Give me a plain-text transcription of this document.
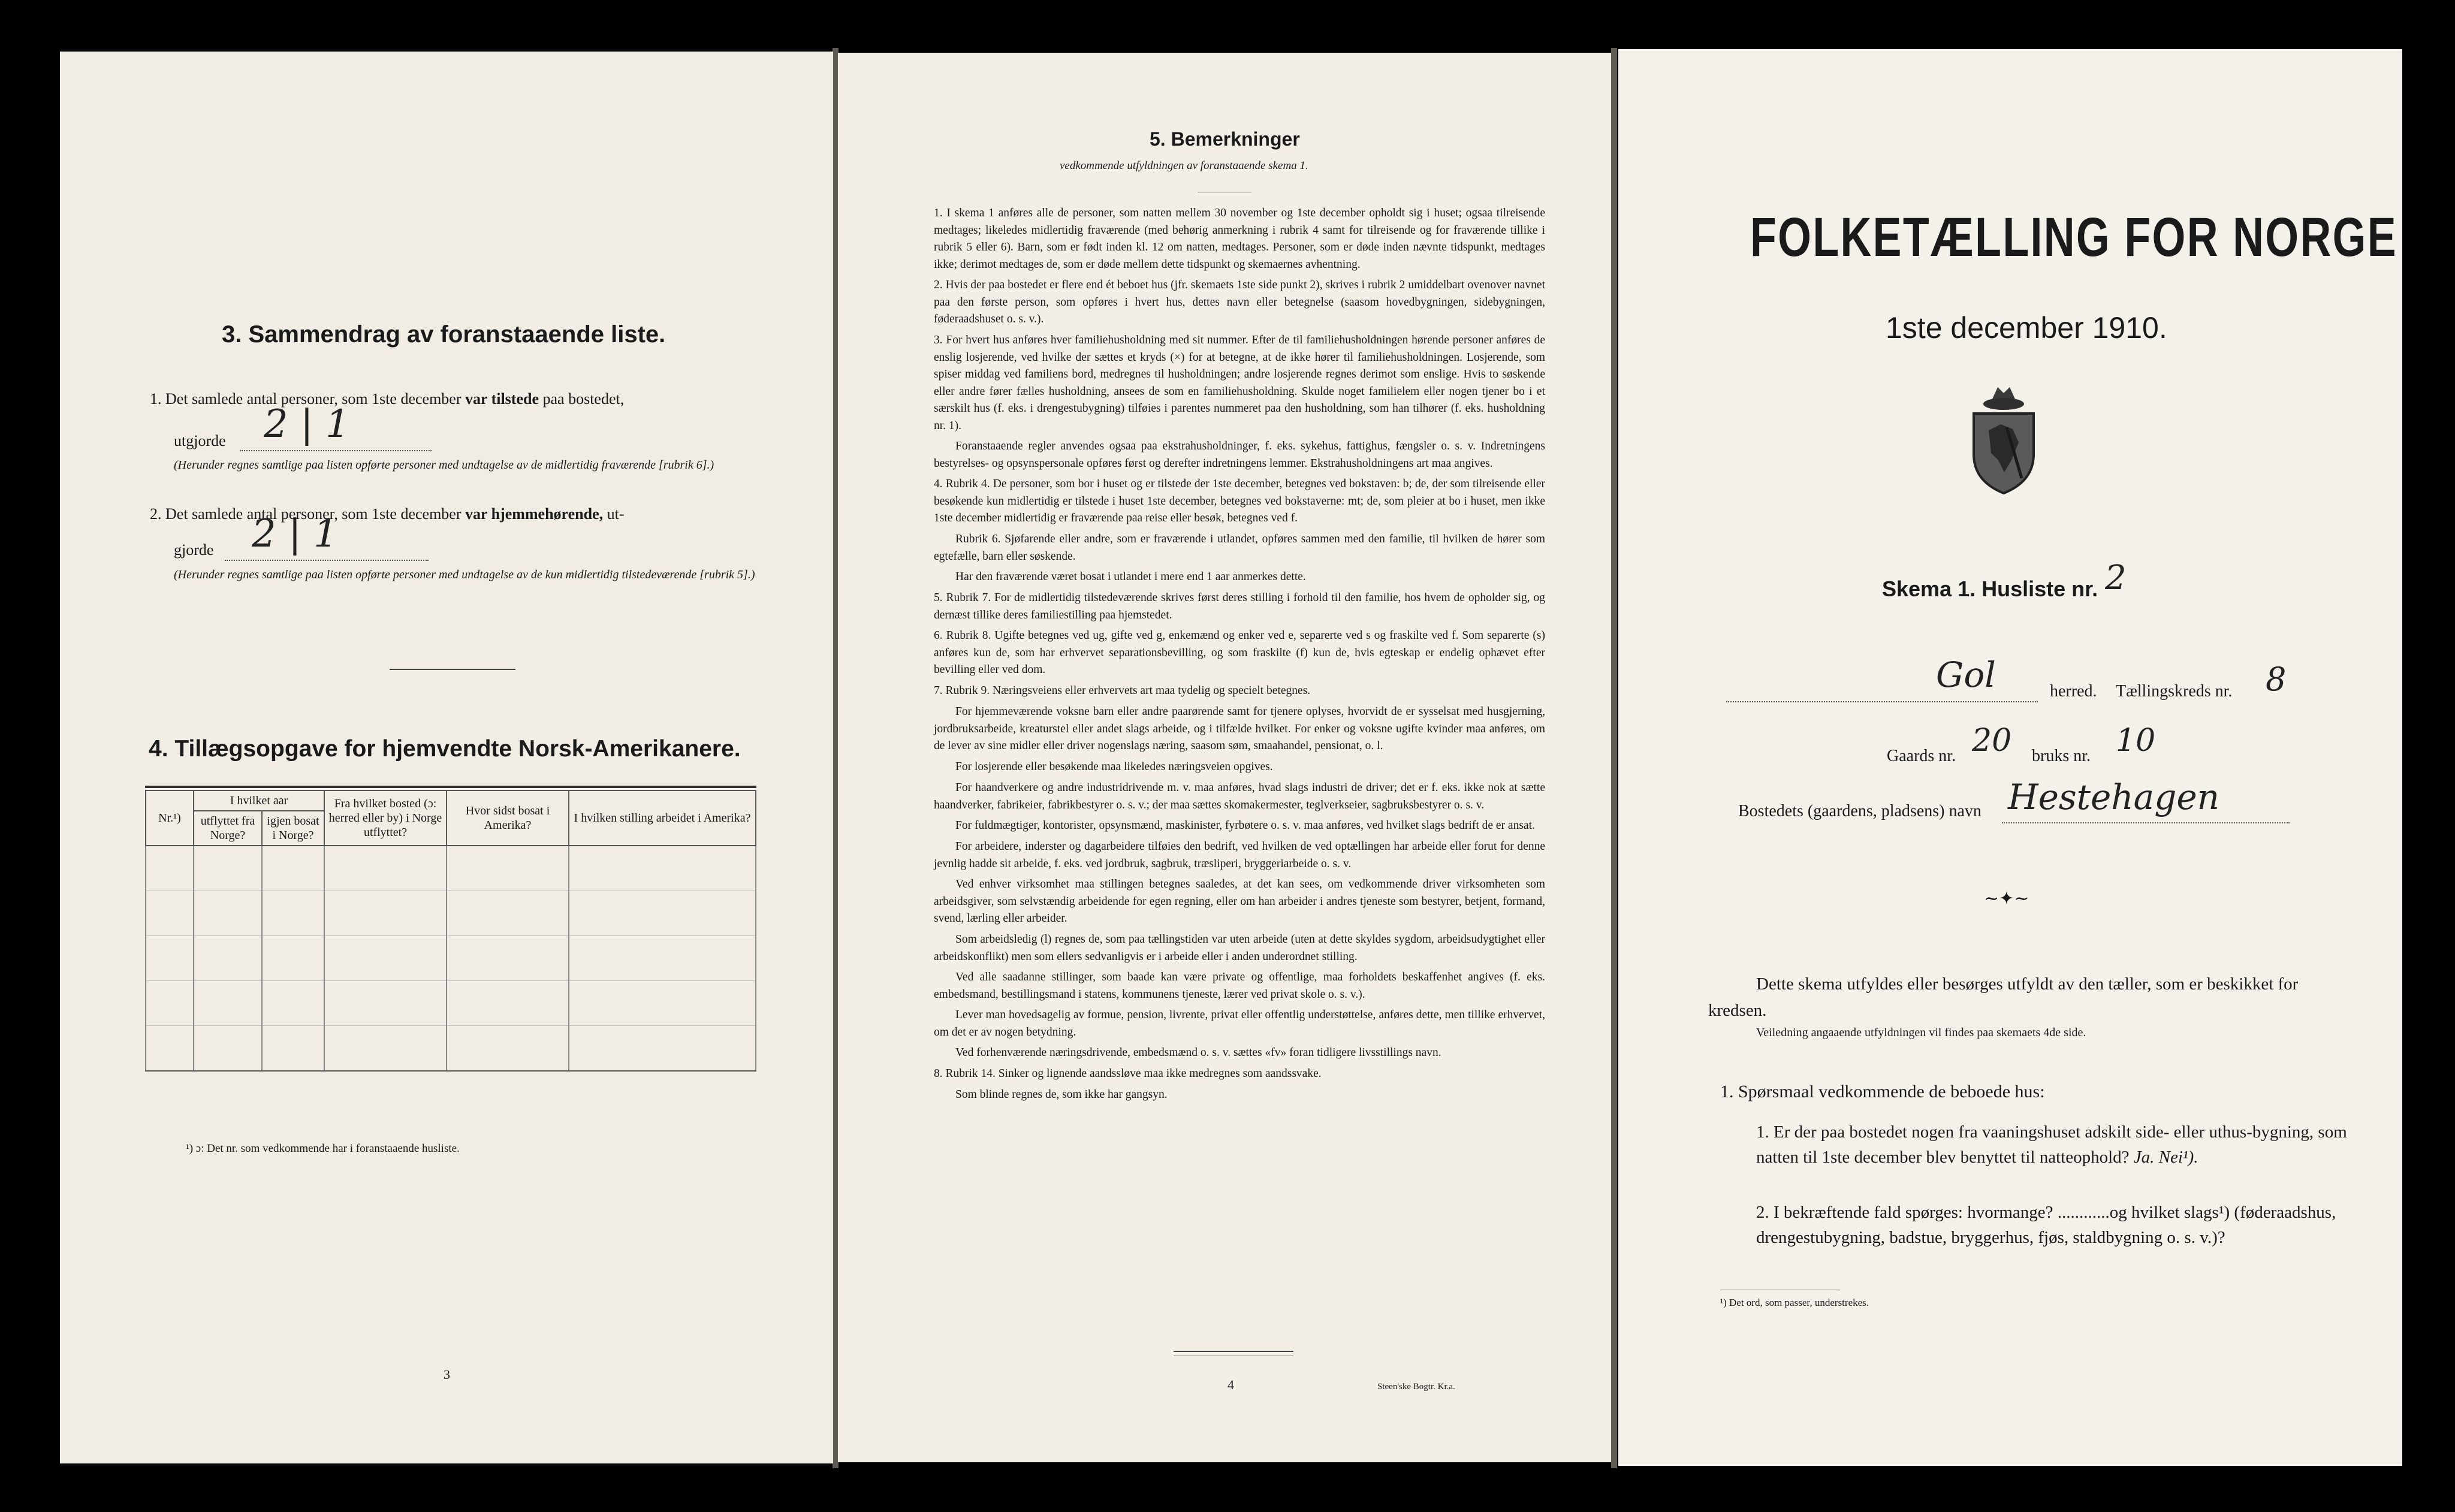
3. Sammendrag av foranstaaende liste.
1. Det samlede antal personer, som 1ste december var tilstede paa bostedet,
utgjorde 2 | 1
(Herunder regnes samtlige paa listen opførte personer med undtagelse av de midlertidig fraværende [rubrik 6].)
2. Det samlede antal personer, som 1ste december var hjemmehørende, ut-
gjorde 2 | 1
(Herunder regnes samtlige paa listen opførte personer med undtagelse av de kun midlertidig tilstedeværende [rubrik 5].)
4. Tillægsopgave for hjemvendte Norsk-Amerikanere.
Nr.¹)	I hvilket aar		Fra hvilket bosted (ɔ: herred eller by) i Norge utflyttet?	Hvor sidst bosat i Amerika?	I hvilken stilling arbeidet i Amerika?
	utflyttet fra Norge?	igjen bosat i Norge?			

¹) ɔ: Det nr. som vedkommende har i foranstaaende husliste.
3
5. Bemerkninger
vedkommende utfyldningen av foranstaaende skema 1.
1. I skema 1 anføres alle de personer, som natten mellem 30 november og 1ste december opholdt sig i huset; ogsaa tilreisende medtages; likeledes midlertidig fraværende (med behørig anmerkning i rubrik 4 samt for tilreisende og for fraværende tillike i rubrik 5 eller 6). Barn, som er født inden kl. 12 om natten, medtages. Personer, som er døde inden nævnte tidspunkt, medtages ikke; derimot medtages de, som er døde mellem dette tidspunkt og skemaernes avhentning.
2. Hvis der paa bostedet er flere end ét beboet hus (jfr. skemaets 1ste side punkt 2), skrives i rubrik 2 umiddelbart ovenover navnet paa den første person, som opføres i hvert hus, dettes navn eller betegnelse (saasom hovedbygningen, sidebygningen, føderaadshuset o. s. v.).
3. For hvert hus anføres hver familiehusholdning med sit nummer. Efter de til familiehusholdningen hørende personer anføres de enslig losjerende, ved hvilke der sættes et kryds (×) for at betegne, at de ikke hører til familiehusholdningen. Losjerende, som spiser middag ved familiens bord, medregnes til husholdningen; andre losjerende regnes derimot som enslige. Hvis to søskende eller andre fører fælles husholdning, ansees de som en familiehusholdning. Skulde noget familielem eller nogen tjener bo i et særskilt hus (f. eks. i drengestubygning) tilføies i parentes nummeret paa den husholdning, som han tilhører (f. eks. husholdning nr. 1).
Foranstaaende regler anvendes ogsaa paa ekstrahusholdninger, f. eks. sykehus, fattighus, fængsler o. s. v. Indretningens bestyrelses- og opsynspersonale opføres først og derefter indretningens lemmer. Ekstrahusholdningens art maa angives.
4. Rubrik 4. De personer, som bor i huset og er tilstede der 1ste december, betegnes ved bokstaven: b; de, der som tilreisende eller besøkende kun midlertidig er tilstede i huset 1ste december, betegnes ved bokstaverne: mt; de, som pleier at bo i huset, men ikke 1ste december midlertidig er fraværende paa reise eller besøk, betegnes ved f.
Rubrik 6. Sjøfarende eller andre, som er fraværende i utlandet, opføres sammen med den familie, til hvilken de hører som egtefælle, barn eller søskende.
Har den fraværende været bosat i utlandet i mere end 1 aar anmerkes dette.
5. Rubrik 7. For de midlertidig tilstedeværende skrives først deres stilling i forhold til den familie, hos hvem de opholder sig, og dernæst tillike deres familiestilling paa hjemstedet.
6. Rubrik 8. Ugifte betegnes ved ug, gifte ved g, enkemænd og enker ved e, separerte ved s og fraskilte ved f. Som separerte (s) anføres kun de, som har erhvervet separationsbevilling, og som fraskilte (f) kun de, hvis egteskap er endelig ophævet efter bevilling eller ved dom.
7. Rubrik 9. Næringsveiens eller erhvervets art maa tydelig og specielt betegnes.
For hjemmeværende voksne barn eller andre paarørende samt for tjenere oplyses, hvorvidt de er sysselsat med husgjerning, jordbruksarbeide, kreaturstel eller andet slags arbeide, og i tilfælde hvilket. For enker og voksne ugifte kvinder maa anføres, om de lever av sine midler eller driver nogenslags næring, saasom søm, smaahandel, pensionat, o. l.
For losjerende eller besøkende maa likeledes næringsveien opgives.
For haandverkere og andre industridrivende m. v. maa anføres, hvad slags industri de driver; det er f. eks. ikke nok at sætte haandverker, fabrikeier, fabrikbestyrer o. s. v.; der maa sættes skomakermester, teglverkseier, sagbruksbestyrer o. s. v.
For fuldmægtiger, kontorister, opsynsmænd, maskinister, fyrbøtere o. s. v. maa anføres, ved hvilket slags bedrift de er ansat.
For arbeidere, inderster og dagarbeidere tilføies den bedrift, ved hvilken de ved optællingen har arbeide eller forut for denne jevnlig hadde sit arbeide, f. eks. ved jordbruk, sagbruk, træsliperi, bryggeriarbeide o. s. v.
Ved enhver virksomhet maa stillingen betegnes saaledes, at det kan sees, om vedkommende driver virksomheten som arbeidsgiver, som selvstændig arbeidende for egen regning, eller om han arbeider i andres tjeneste som bestyrer, betjent, formand, svend, lærling eller arbeider.
Som arbeidsledig (l) regnes de, som paa tællingstiden var uten arbeide (uten at dette skyldes sygdom, arbeidsudygtighet eller arbeidskonflikt) men som ellers sedvanligvis er i arbeide eller i anden underordnet stilling.
Ved alle saadanne stillinger, som baade kan være private og offentlige, maa forholdets beskaffenhet angives (f. eks. embedsmand, bestillingsmand i statens, kommunens tjeneste, lærer ved privat skole o. s. v.).
Lever man hovedsagelig av formue, pension, livrente, privat eller offentlig understøttelse, anføres dette, men tillike erhvervet, om det er av nogen betydning.
Ved forhenværende næringsdrivende, embedsmænd o. s. v. sættes «fv» foran tidligere livsstillings navn.
8. Rubrik 14. Sinker og lignende aandssløve maa ikke medregnes som aandssvake.
Som blinde regnes de, som ikke har gangsyn.
4	Steen'ske Bogtr. Kr.a.
FOLKETÆLLING FOR NORGE
1ste december 1910.
Skema 1. Husliste nr. 2
Gol	herred. Tællingskreds nr. 8
Gaards nr. 20 bruks nr. 10
Bostedets (gaardens, pladsens) navn Hestehagen
∼✦∼
Dette skema utfyldes eller besørges utfyldt av den tæller, som er beskikket for kredsen.
Veiledning angaaende utfyldningen vil findes paa skemaets 4de side.
1. Spørsmaal vedkommende de beboede hus:
1. Er der paa bostedet nogen fra vaaningshuset adskilt side- eller uthus-bygning, som natten til 1ste december blev benyttet til natteophold? Ja. Nei¹).
2. I bekræftende fald spørges: hvormange? ............og hvilket slags¹) (føderaadshus, drengestubygning, badstue, bryggerhus, fjøs, staldbygning o. s. v.)?
¹) Det ord, som passer, understrekes.
